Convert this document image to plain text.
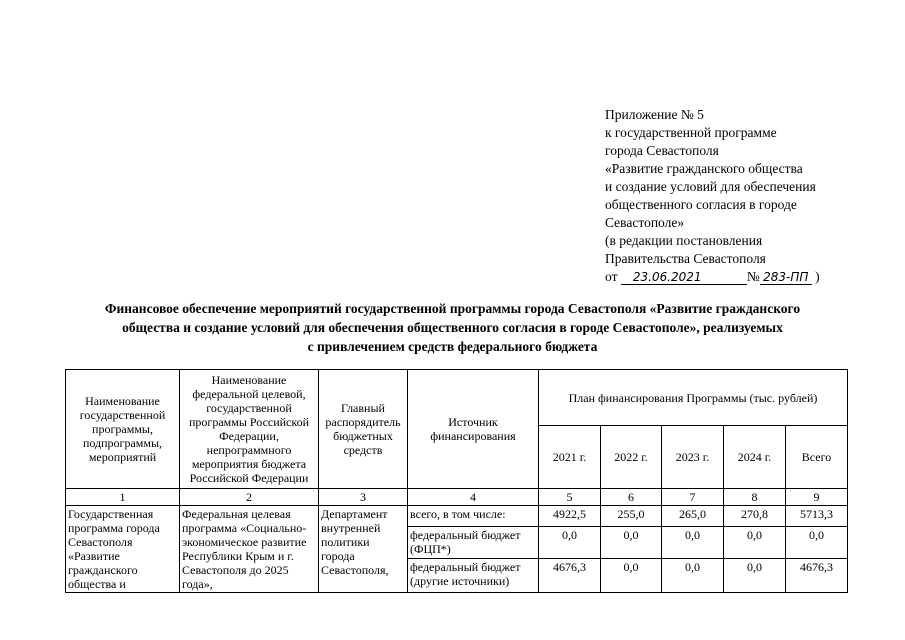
Приложение № 5
к государственной программе
города Севастополя
«Развитие гражданского общества
и создание условий для обеспечения
общественного согласия в городе
Севастополе»
(в редакции постановления
Правительства Севастополя
от 23.06.2021	№ 283-ПП )
Финансовое обеспечение мероприятий государственной программы города Севастополя «Развитие гражданского
общества и создание условий для обеспечения общественного согласия в городе Севастополе», реализуемых
с привлечением средств федерального бюджета
Наименование государственной программы, подпрограммы, мероприятий	Наименование федеральной целевой, государственной программы Российской Федерации, непрограммного мероприятия бюджета Российской Федерации	Главный распорядитель бюджетных средств	Источник финансирования	План финансирования Программы (тыс. рублей)				
				2021 г.	2022 г.	2023 г.	2024 г.	Всего
1	2	3	4	5	6	7	8	9
Государственная программа города Севастополя «Развитие гражданского общества и	Федеральная целевая программа «Социально-экономическое развитие Республики Крым и г. Севастополя до 2025 года»,	Департамент внутренней политики города Севастополя,	всего, в том числе:	4922,5	255,0	265,0	270,8	5713,3
			федеральный бюджет (ФЦП*)	0,0	0,0	0,0	0,0	0,0
			федеральный бюджет (другие источники)	4676,3	0,0	0,0	0,0	4676,3
